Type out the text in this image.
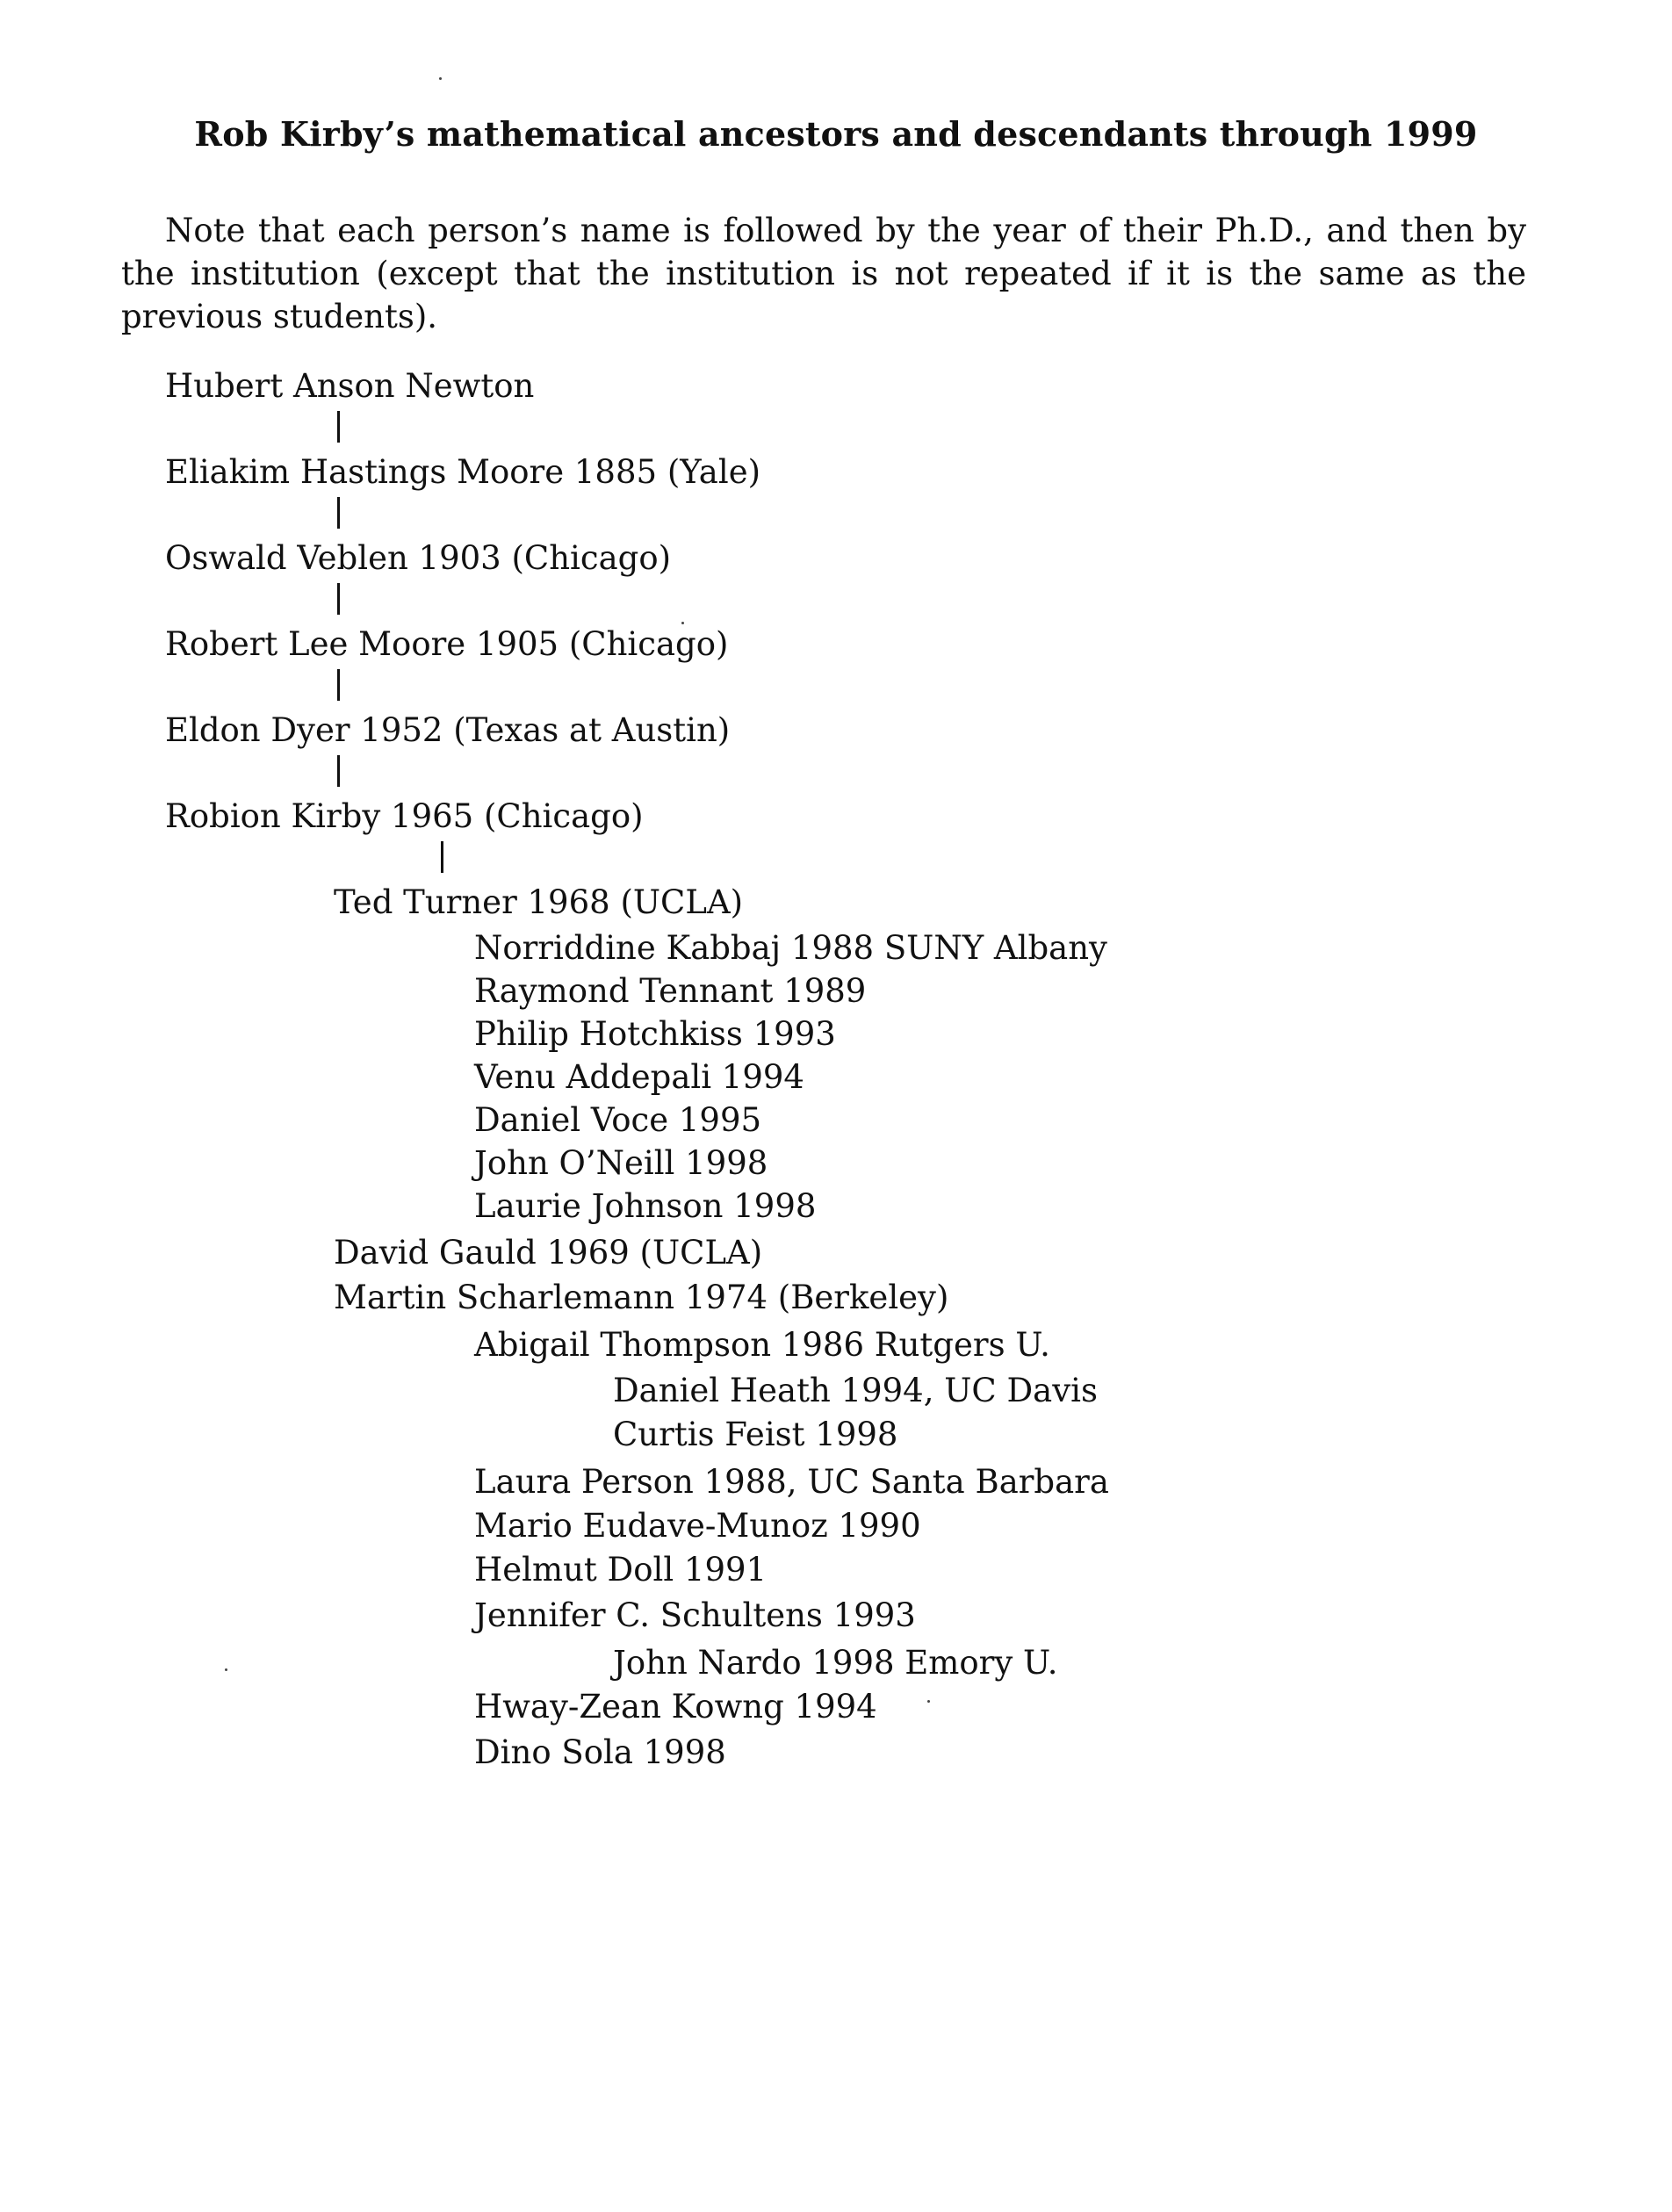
Rob Kirby’s mathematical ancestors and descendants through 1999
Note that each person’s name is followed by the year of their Ph.D., and then by the institution (except that the institution is not repeated if it is the same as the previous students).
Hubert Anson Newton
Eliakim Hastings Moore 1885 (Yale)
Oswald Veblen 1903 (Chicago)
Robert Lee Moore 1905 (Chicago)
Eldon Dyer 1952 (Texas at Austin)
Robion Kirby 1965 (Chicago)
Ted Turner 1968 (UCLA)
Norriddine Kabbaj 1988 SUNY Albany
Raymond Tennant 1989
Philip Hotchkiss 1993
Venu Addepali 1994
Daniel Voce 1995
John O’Neill 1998
Laurie Johnson 1998
David Gauld 1969 (UCLA)
Martin Scharlemann 1974 (Berkeley)
Abigail Thompson 1986 Rutgers U.
Daniel Heath 1994, UC Davis
Curtis Feist 1998
Laura Person 1988, UC Santa Barbara
Mario Eudave-Munoz 1990
Helmut Doll 1991
Jennifer C. Schultens 1993
John Nardo 1998 Emory U.
Hway-Zean Kowng 1994
Dino Sola 1998
